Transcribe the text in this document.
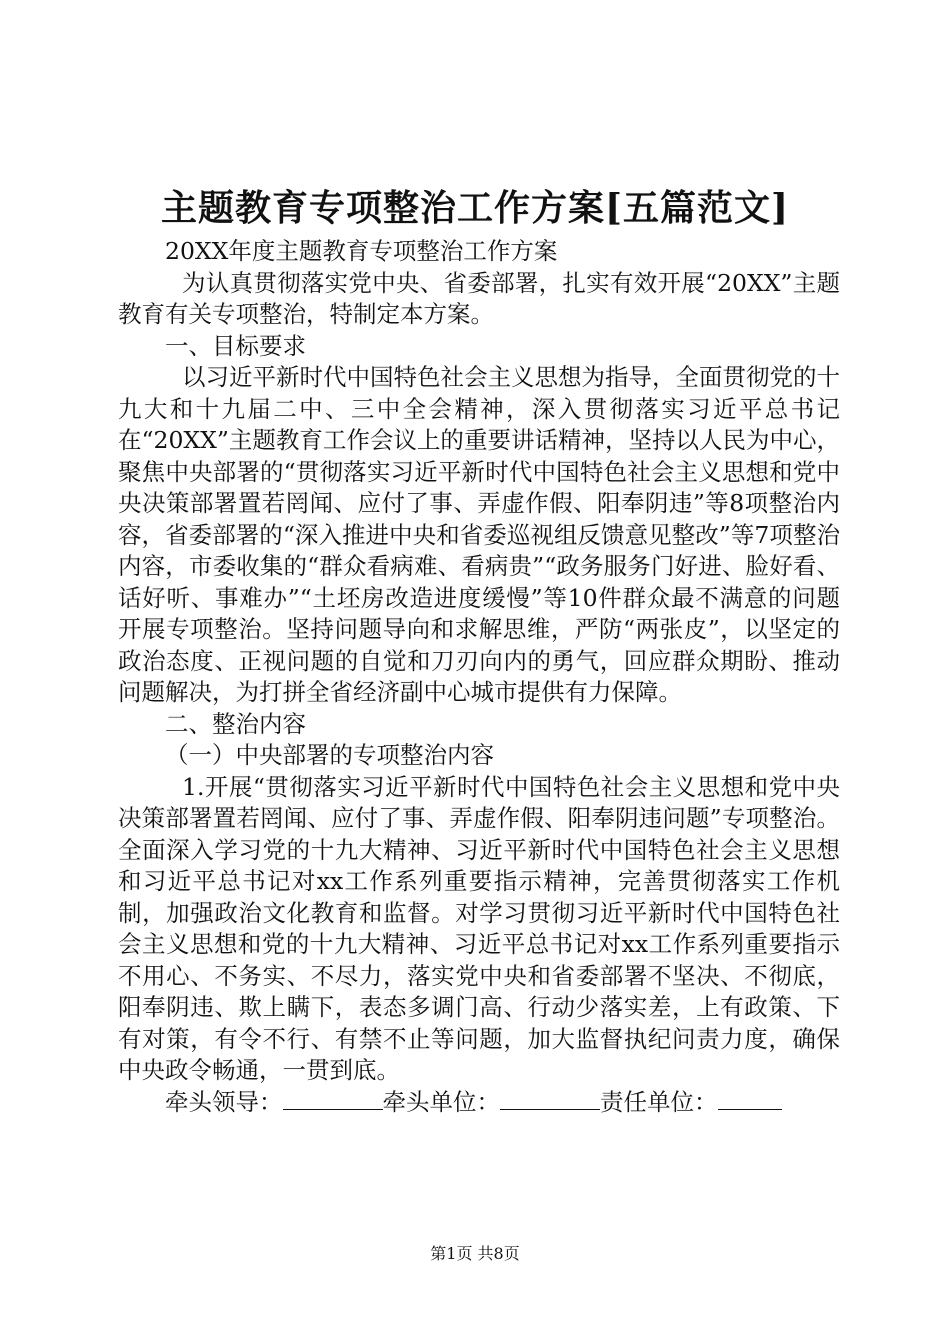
主题教育专项整治工作方案[五篇范文]

20XX年度主题教育专项整治工作方案

为认真贯彻落实党中央、省委部署，扎实有效开展“20XX”主题教育有关专项整治，特制定本方案。

一、目标要求

以习近平新时代中国特色社会主义思想为指导，全面贯彻党的十九大和十九届二中、三中全会精神，深入贯彻落实习近平总书记在“20XX”主题教育工作会议上的重要讲话精神，坚持以人民为中心，聚焦中央部署的“贯彻落实习近平新时代中国特色社会主义思想和党中央决策部署置若罔闻、应付了事、弄虚作假、阳奉阴违”等8项整治内容，省委部署的“深入推进中央和省委巡视组反馈意见整改”等7项整治内容，市委收集的“群众看病难、看病贵”“政务服务门好进、脸好看、话好听、事难办”“土坯房改造进度缓慢”等10件群众最不满意的问题开展专项整治。坚持问题导向和求解思维，严防“两张皮”，以坚定的政治态度、正视问题的自觉和刀刃向内的勇气，回应群众期盼、推动问题解决，为打拼全省经济副中心城市提供有力保障。

二、整治内容

（一）中央部署的专项整治内容

1.开展“贯彻落实习近平新时代中国特色社会主义思想和党中央决策部署置若罔闻、应付了事、弄虚作假、阳奉阴违问题”专项整治。全面深入学习党的十九大精神、习近平新时代中国特色社会主义思想和习近平总书记对xx工作系列重要指示精神，完善贯彻落实工作机制，加强政治文化教育和监督。对学习贯彻习近平新时代中国特色社会主义思想和党的十九大精神、习近平总书记对xx工作系列重要指示不用心、不务实、不尽力，落实党中央和省委部署不坚决、不彻底，阳奉阴违、欺上瞒下，表态多调门高、行动少落实差，上有政策、下有对策，有令不行、有禁不止等问题，加大监督执纪问责力度，确保中央政令畅通，一贯到底。

牵头领导：	牵头单位：	责任单位：

第1页 共8页
